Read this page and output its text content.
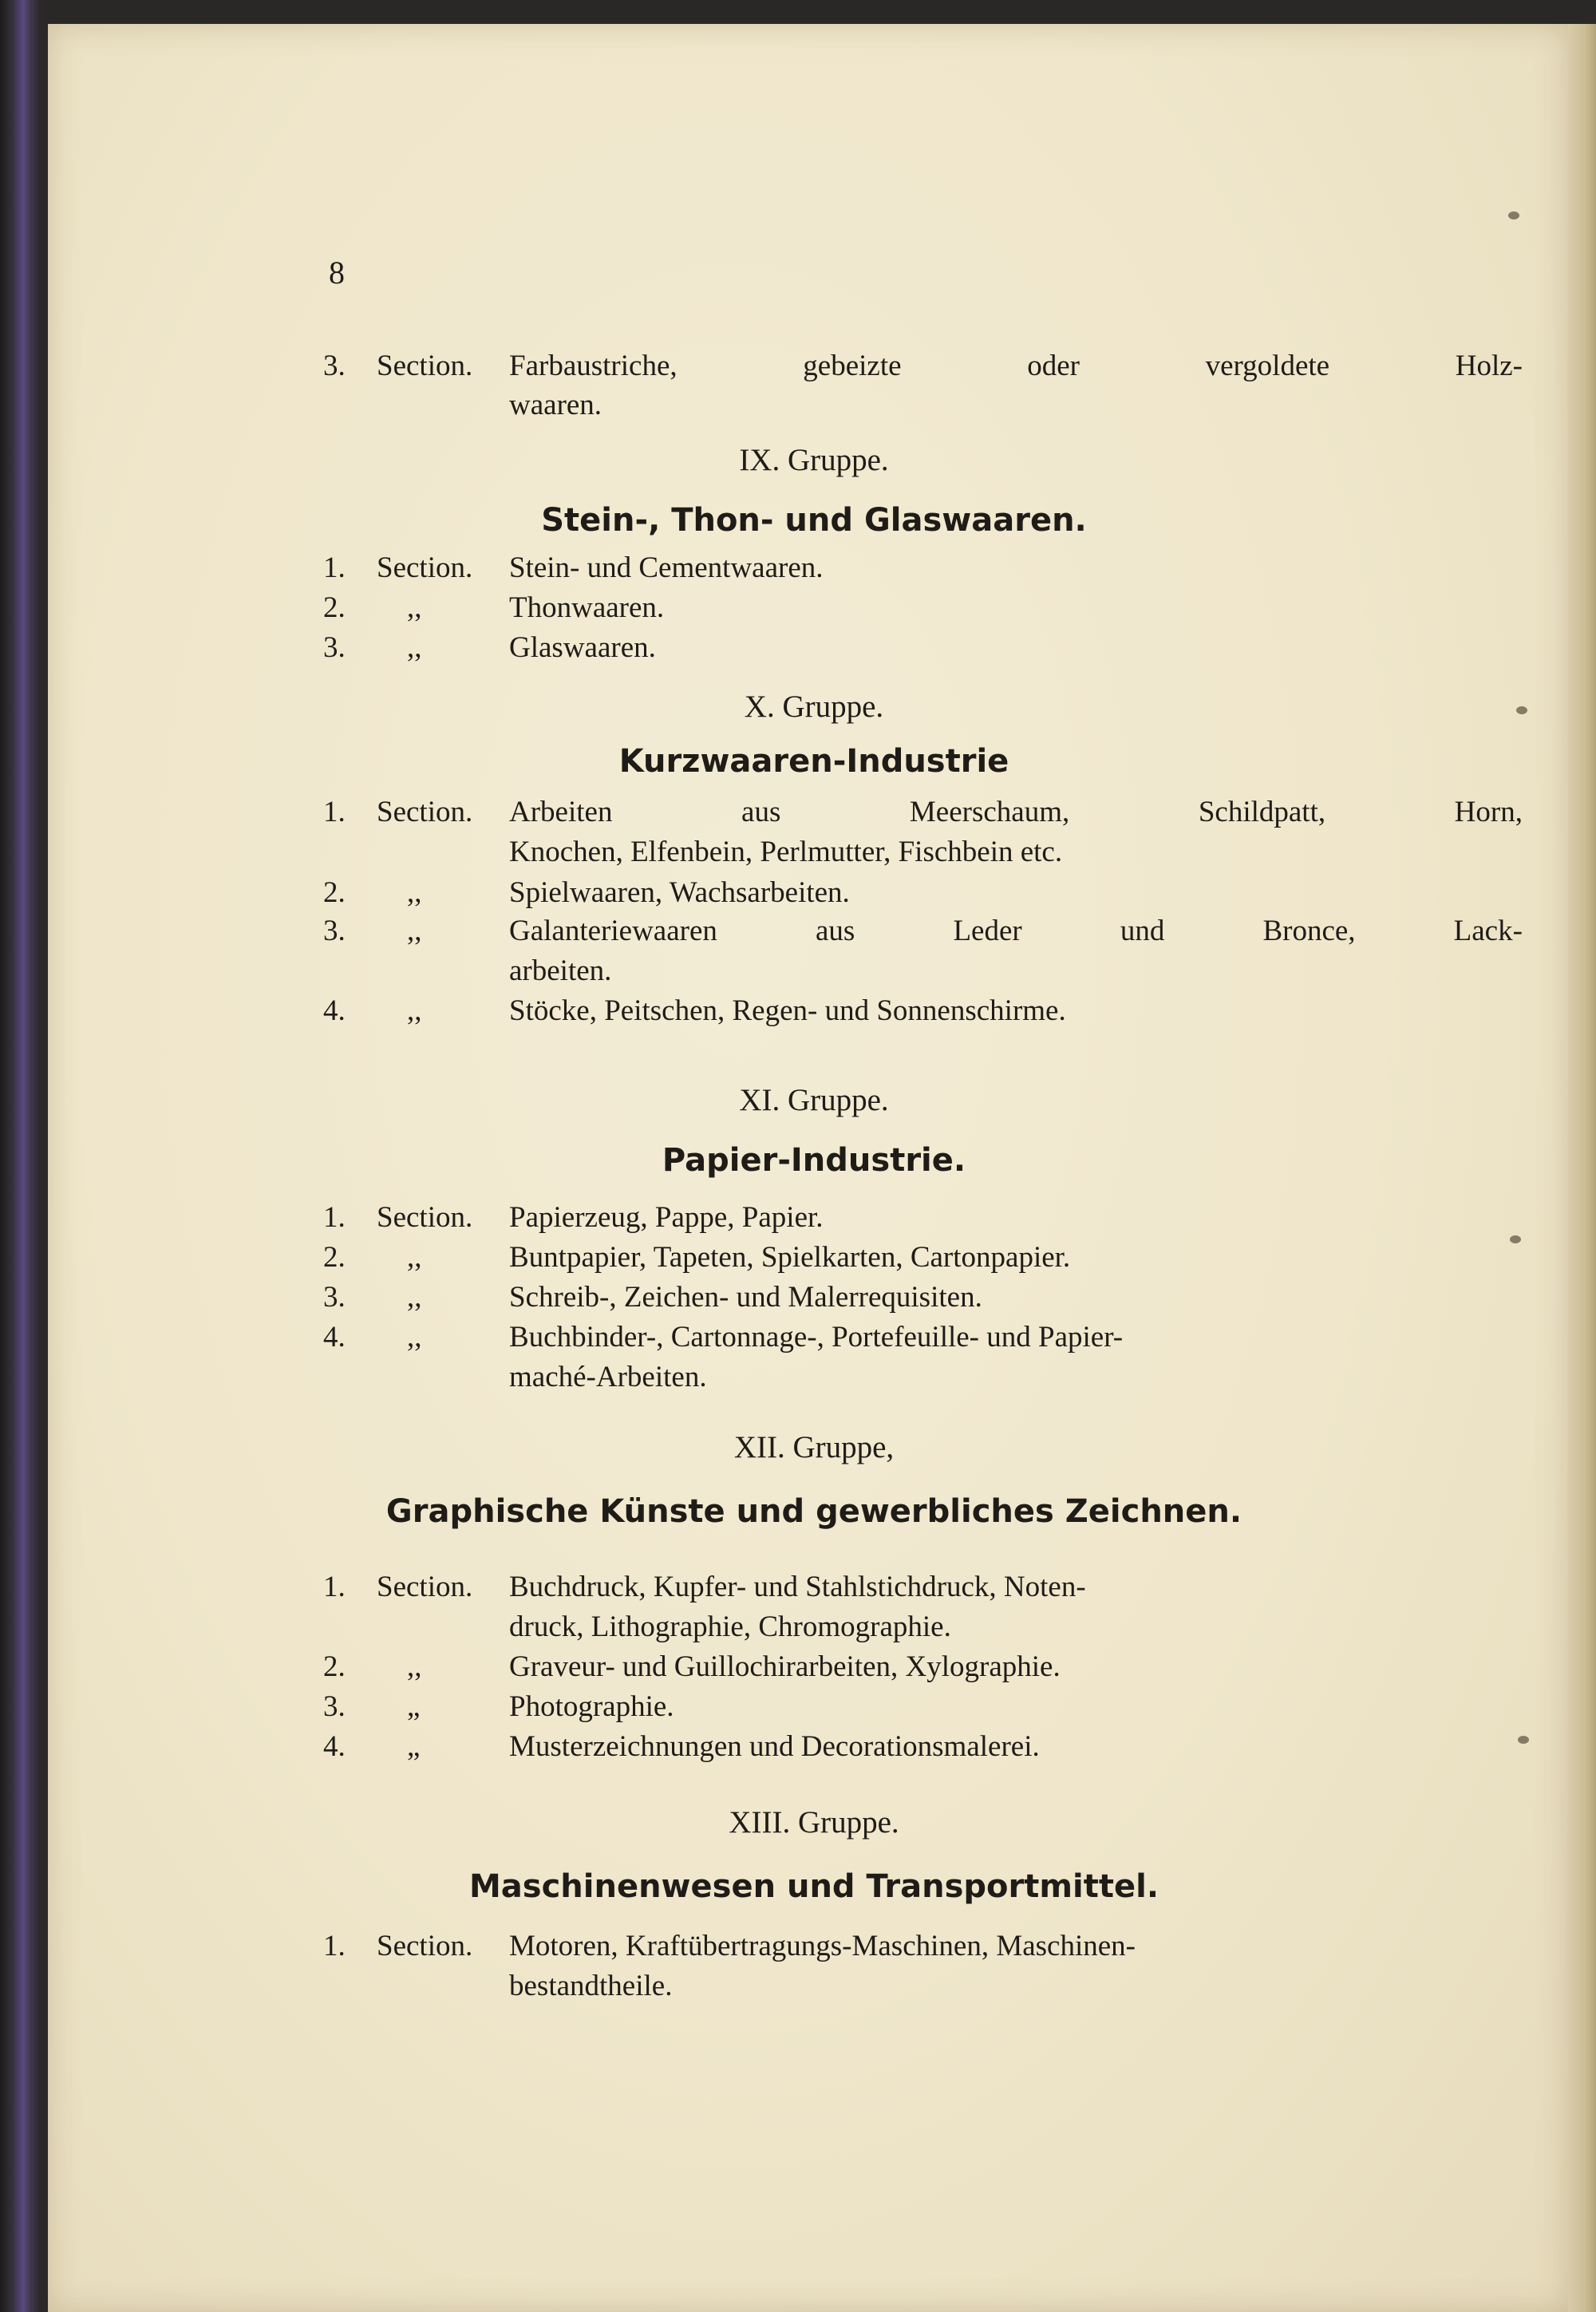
8
3.	Section. Farbaustriche,	gebeizte	oder	vergoldete	Holz-
waaren.
IX. Gruppe.
Stein-, Thon- und Glaswaaren.
1.	Section. Stein- und Cementwaaren.
2.	,,	Thonwaaren.
3.	,,	Glaswaaren.
X. Gruppe.
Kurzwaaren-Industrie
1.	Section. Arbeiten	aus	Meerschaum,	Schildpatt,	Horn,
Knochen, Elfenbein, Perlmutter, Fischbein etc.
2.	,,	Spielwaaren, Wachsarbeiten.
3.	,,	Galanteriewaaren	aus	Leder	und	Bronce,	Lack-
arbeiten.
4.	,,	Stöcke, Peitschen, Regen- und Sonnenschirme.
XI. Gruppe.
Papier-Industrie.
1.	Section. Papierzeug, Pappe, Papier.
2.	,,	Buntpapier, Tapeten, Spielkarten, Cartonpapier.
3.	,,	Schreib-, Zeichen- und Malerrequisiten.
4.	,,	Buchbinder-, Cartonnage-, Portefeuille- und Papier-
maché-Arbeiten.
XII. Gruppe,
Graphische Künste und gewerbliches Zeichnen.
1.	Section. Buchdruck, Kupfer- und Stahlstichdruck, Noten-
druck, Lithographie, Chromographie.
2.	,,	Graveur- und Guillochirarbeiten, Xylographie.
3.	„	Photographie.
4.	„	Musterzeichnungen und Decorationsmalerei.
XIII. Gruppe.
Maschinenwesen und Transportmittel.
1.	Section. Motoren, Kraftübertragungs-Maschinen, Maschinen-
bestandtheile.
